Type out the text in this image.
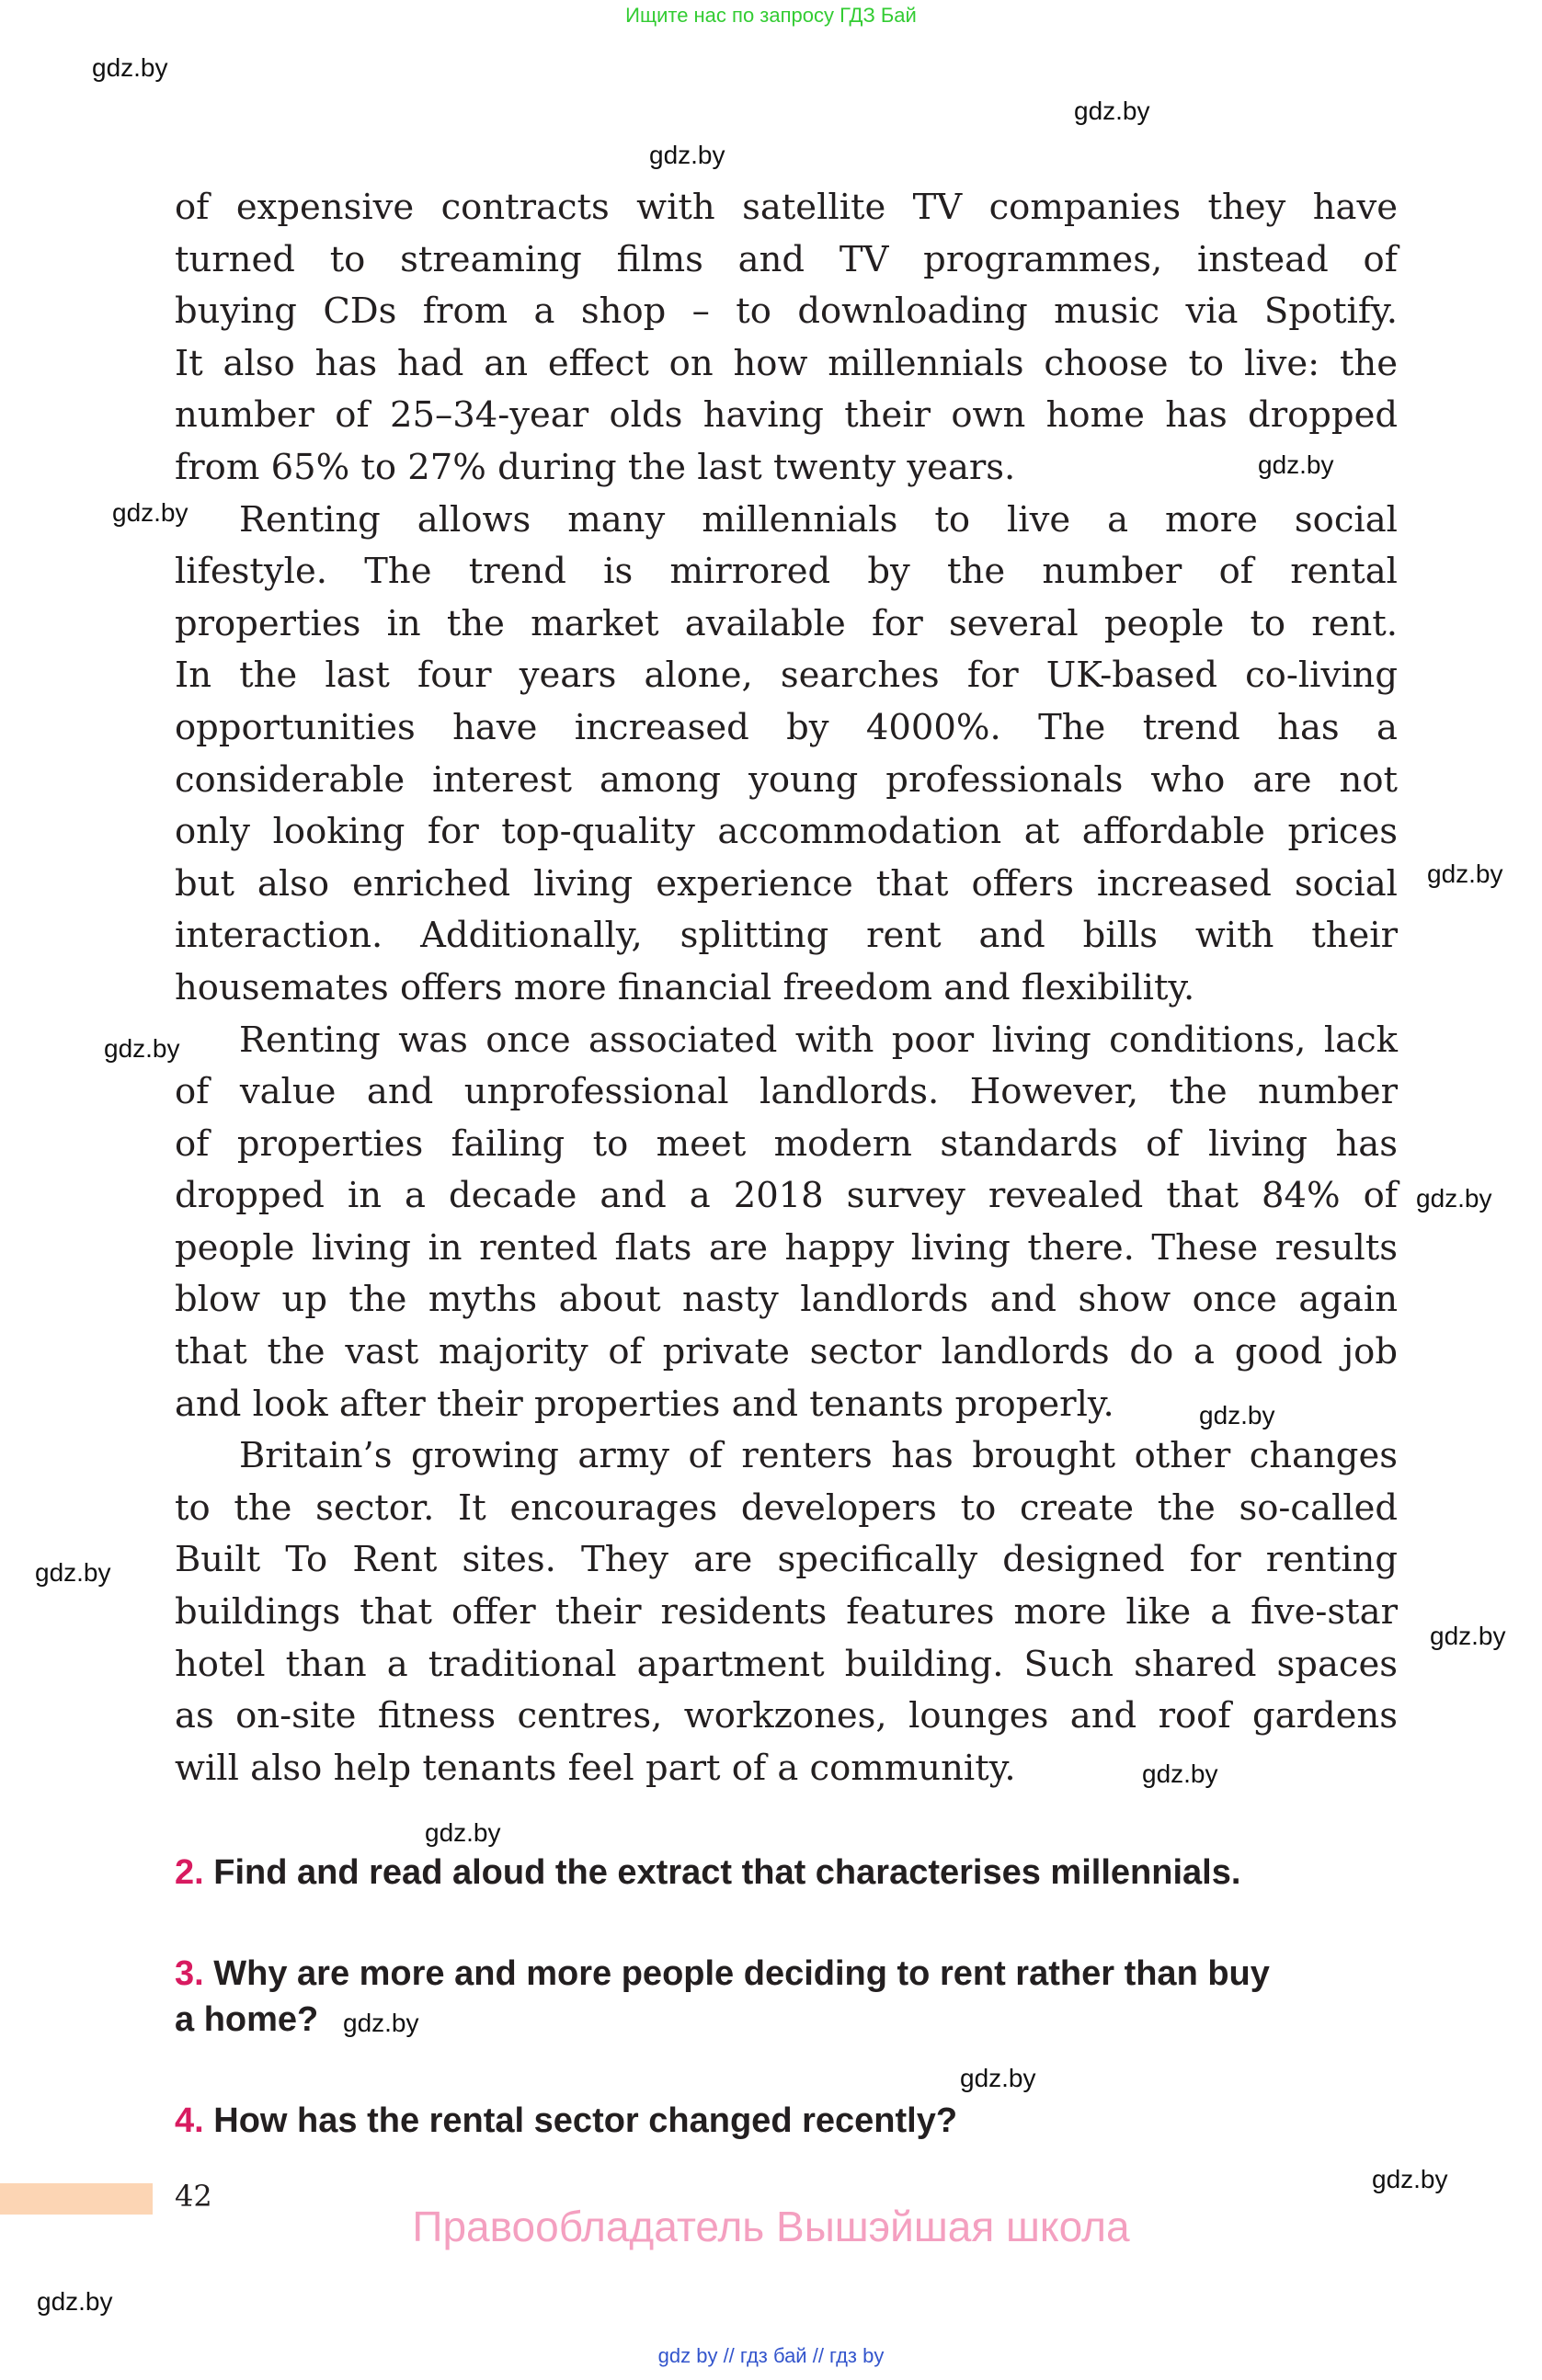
Ищите нас по запросу ГДЗ Бай
gdz.by
gdz.by
gdz.by
gdz.by
gdz.by
gdz.by
gdz.by
gdz.by
gdz.by
gdz.by
gdz.by
gdz.by
gdz.by
gdz.by
gdz.by
gdz.by
gdz.by
of expensive contracts with satellite TV companies they have
turned to streaming films and TV programmes, instead of
buying CDs from a shop – to downloading music via Spotify.
It also has had an effect on how millennials choose to live: the
number of 25–34-year olds having their own home has dropped
from 65% to 27% during the last twenty years.
Renting allows many millennials to live a more social
lifestyle. The trend is mirrored by the number of rental
properties in the market available for several people to rent.
In the last four years alone, searches for UK-based co-living
opportunities have increased by 4000%. The trend has a
considerable interest among young professionals who are not
only looking for top-quality accommodation at affordable prices
but also enriched living experience that offers increased social
interaction. Additionally, splitting rent and bills with their
housemates offers more financial freedom and flexibility.
Renting was once associated with poor living conditions, lack
of value and unprofessional landlords. However, the number
of properties failing to meet modern standards of living has
dropped in a decade and a 2018 survey revealed that 84% of
people living in rented flats are happy living there. These results
blow up the myths about nasty landlords and show once again
that the vast majority of private sector landlords do a good job
and look after their properties and tenants properly.
Britain’s growing army of renters has brought other changes
to the sector. It encourages developers to create the so-called
Built To Rent sites. They are specifically designed for renting
buildings that offer their residents features more like a five-star
hotel than a traditional apartment building. Such shared spaces
as on-site fitness centres, workzones, lounges and roof gardens
will also help tenants feel part of a community.
2. Find and read aloud the extract that characterises millennials.
3. Why are more and more people deciding to rent rather than buy
a home?
4. How has the rental sector changed recently?
42
Правообладатель Вышэйшая школа
gdz by // гдз бай // гдз by
